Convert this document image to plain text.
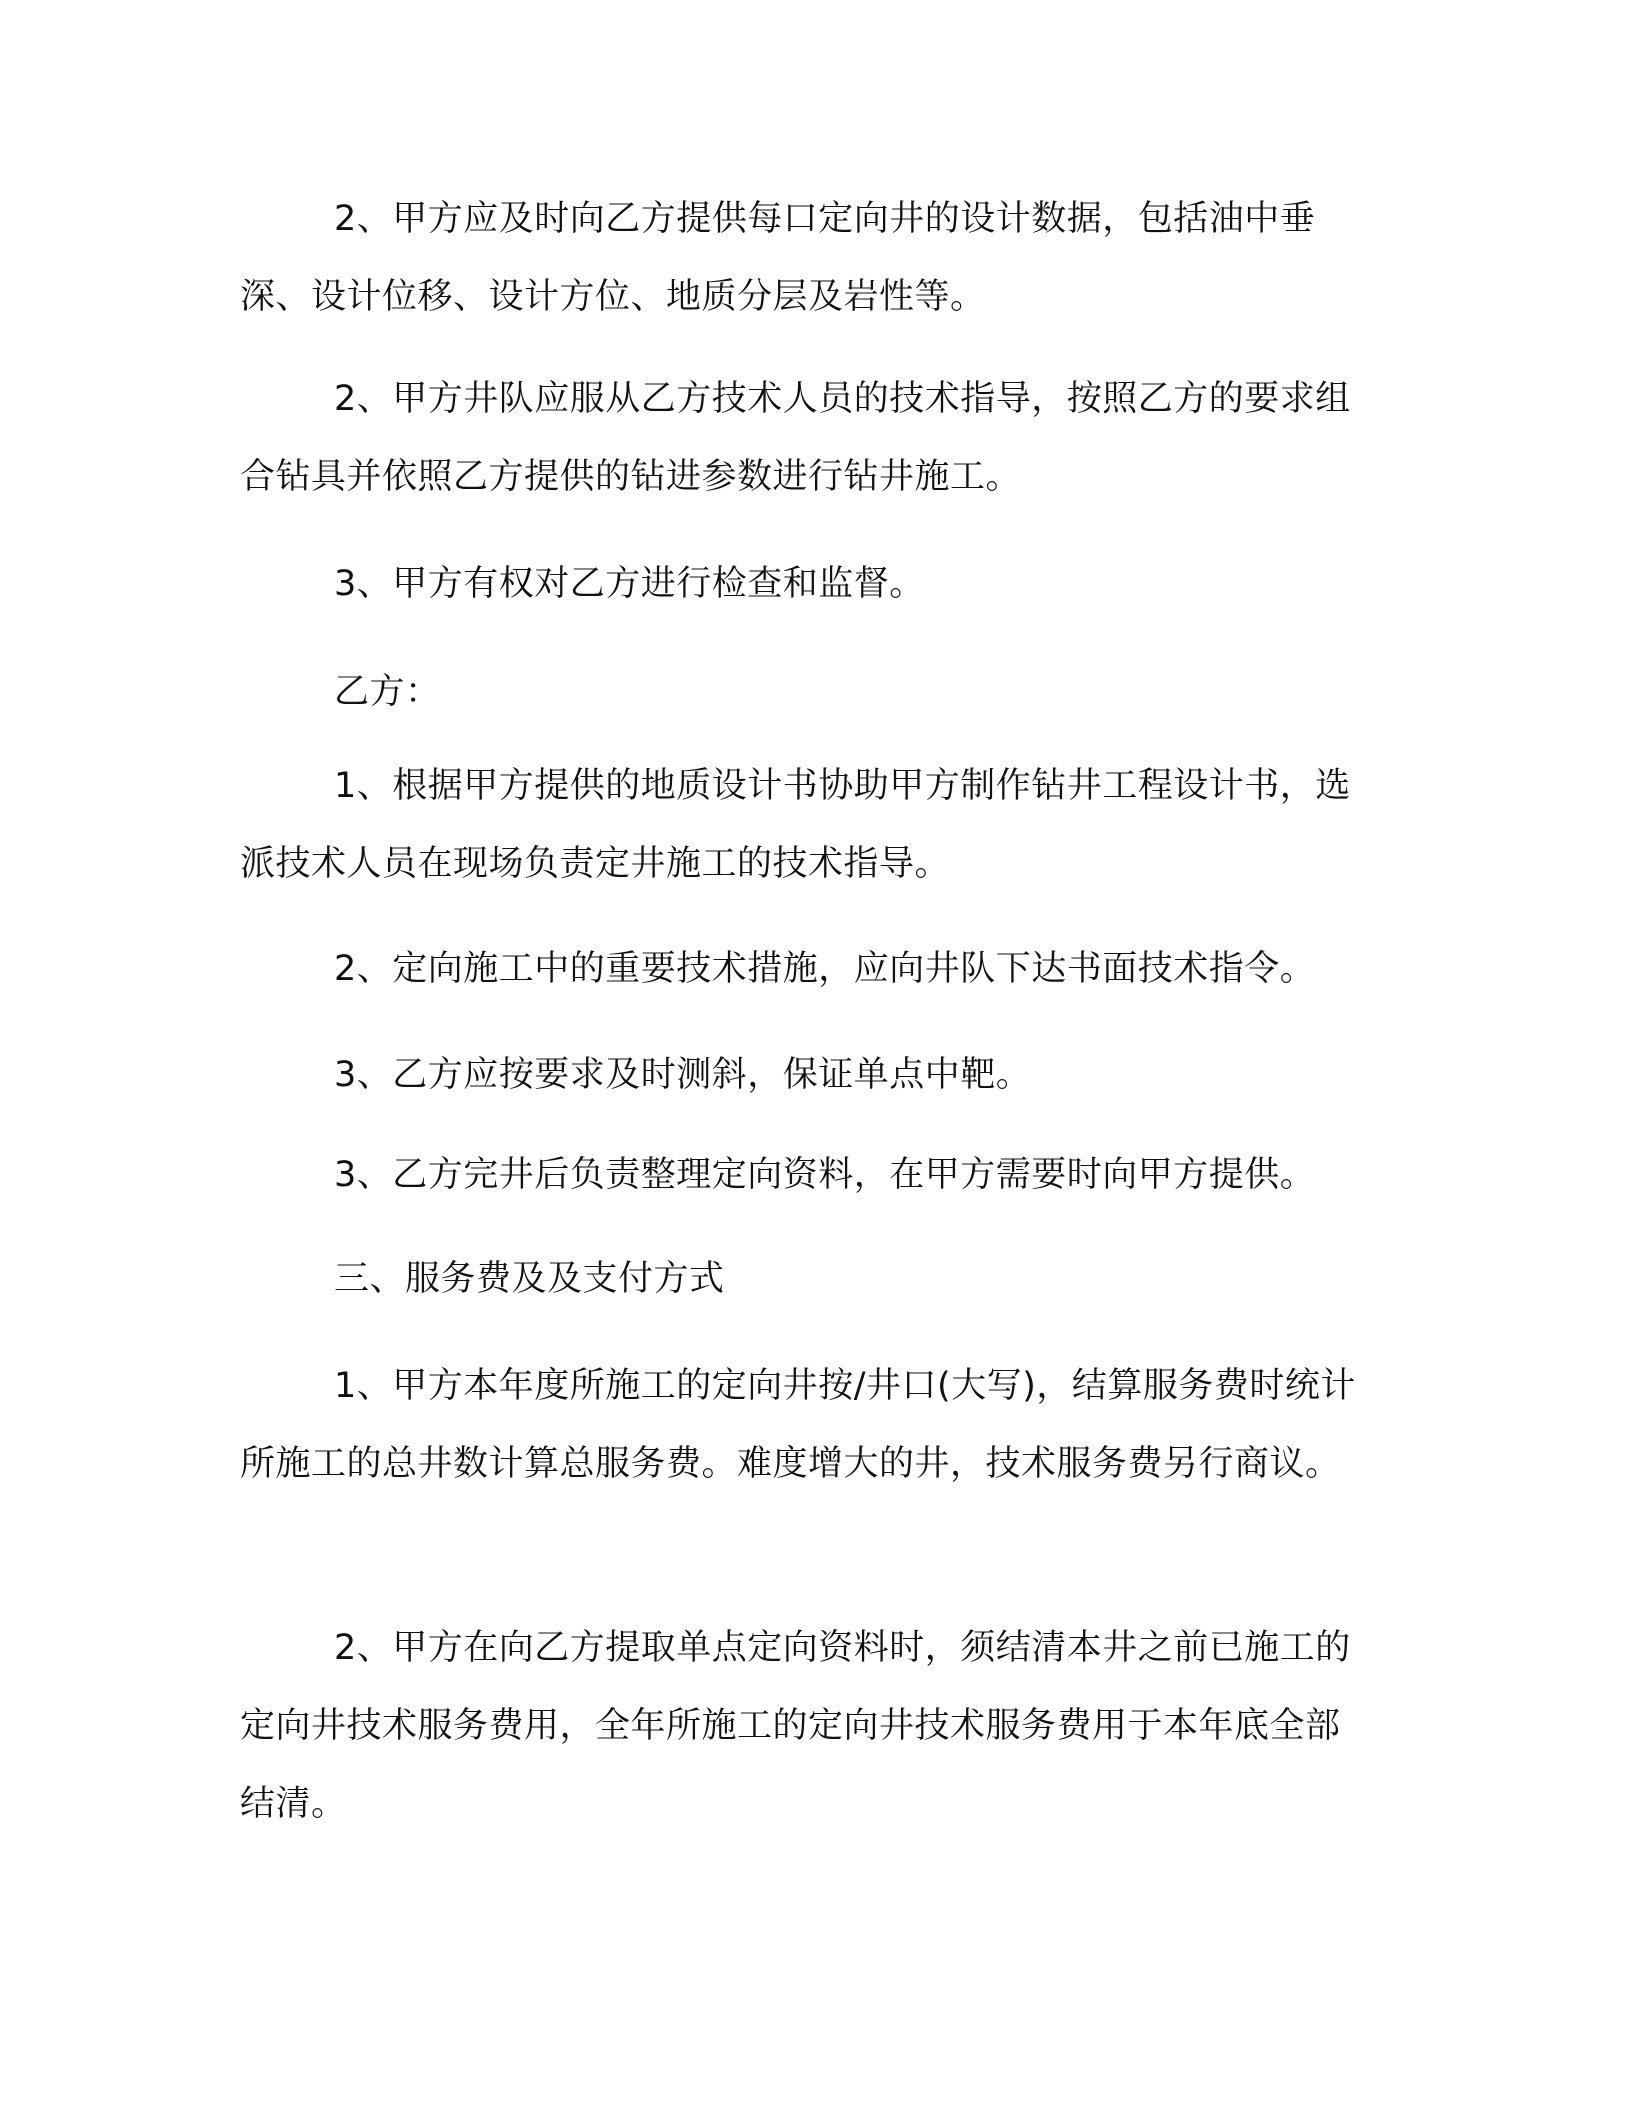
2、甲方应及时向乙方提供每口定向井的设计数据，包括油中垂深、设计位移、设计方位、地质分层及岩性等。

2、甲方井队应服从乙方技术人员的技术指导，按照乙方的要求组合钻具并依照乙方提供的钻进参数进行钻井施工。

3、甲方有权对乙方进行检查和监督。

乙方：

1、根据甲方提供的地质设计书协助甲方制作钻井工程设计书，选派技术人员在现场负责定井施工的技术指导。

2、定向施工中的重要技术措施，应向井队下达书面技术指令。

3、乙方应按要求及时测斜，保证单点中靶。

3、乙方完井后负责整理定向资料，在甲方需要时向甲方提供。

三、服务费及及支付方式

1、甲方本年度所施工的定向井按/井口(大写)，结算服务费时统计所施工的总井数计算总服务费。难度增大的井，技术服务费另行商议。

2、甲方在向乙方提取单点定向资料时，须结清本井之前已施工的定向井技术服务费用，全年所施工的定向井技术服务费用于本年底全部结清。
